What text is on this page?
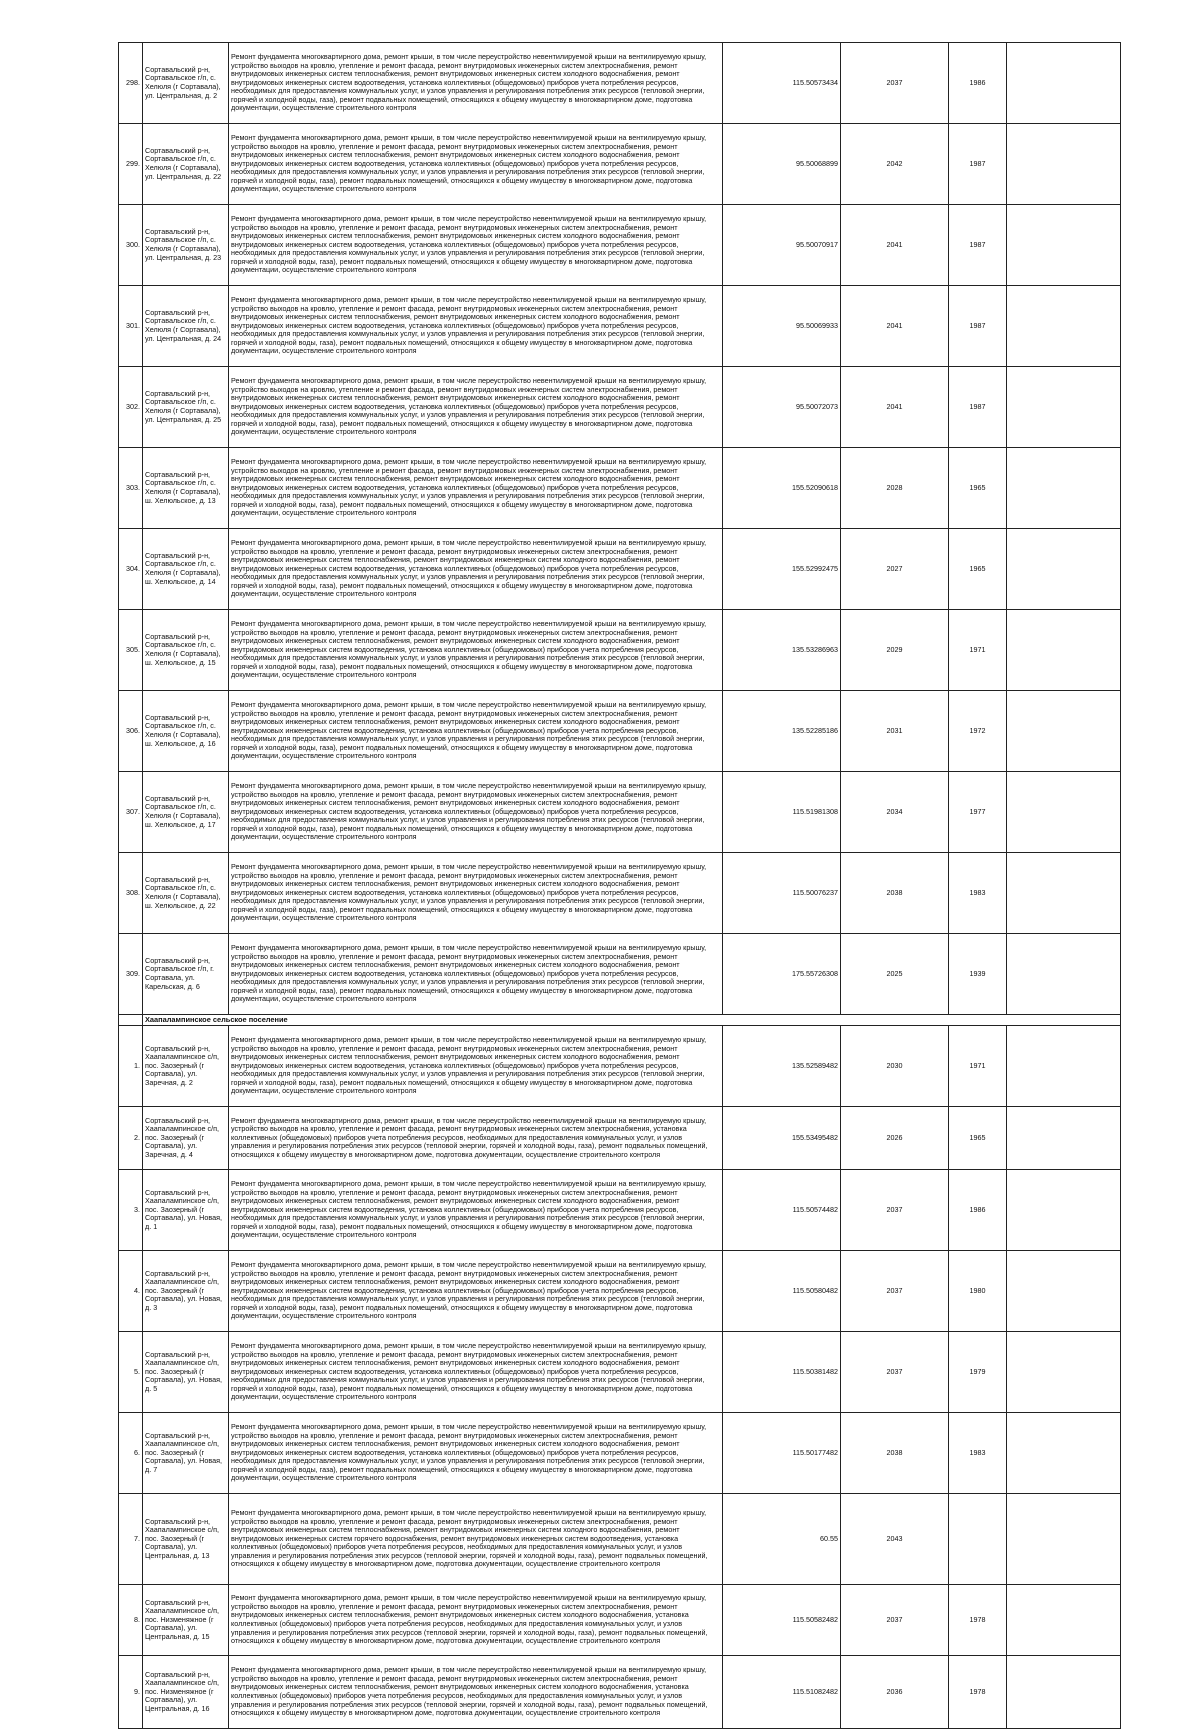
298.	Сортавальский р-н, Сортавальское г/п, с. Хелюля (г Сортавала), ул. Центральная, д. 2	Ремонт фундамента многоквартирного дома, ремонт крыши, в том числе переустройство невентилируемой крыши на вентилируемую крышу, устройство выходов на кровлю, утепление и ремонт фасада, ремонт внутридомовых инженерных систем электроснабжения, ремонт внутридомовых инженерных систем теплоснабжения, ремонт внутридомовых инженерных систем холодного водоснабжения, ремонт внутридомовых инженерных систем водоотведения, установка коллективных (общедомовых) приборов учета потребления ресурсов, необходимых для предоставления коммунальных услуг, и узлов управления и регулирования потребления этих ресурсов (тепловой энергии, горячей и холодной воды, газа), ремонт подвальных помещений, относящихся к общему имуществу в многоквартирном доме, подготовка документации, осуществление строительного контроля	115.50573434	2037	1986	
299.	Сортавальский р-н, Сортавальское г/п, с. Хелюля (г Сортавала), ул. Центральная, д. 22	Ремонт фундамента многоквартирного дома, ремонт крыши, в том числе переустройство невентилируемой крыши на вентилируемую крышу, устройство выходов на кровлю, утепление и ремонт фасада, ремонт внутридомовых инженерных систем электроснабжения, ремонт внутридомовых инженерных систем теплоснабжения, ремонт внутридомовых инженерных систем холодного водоснабжения, ремонт внутридомовых инженерных систем водоотведения, установка коллективных (общедомовых) приборов учета потребления ресурсов, необходимых для предоставления коммунальных услуг, и узлов управления и регулирования потребления этих ресурсов (тепловой энергии, горячей и холодной воды, газа), ремонт подвальных помещений, относящихся к общему имуществу в многоквартирном доме, подготовка документации, осуществление строительного контроля	95.50068899	2042	1987	
300.	Сортавальский р-н, Сортавальское г/п, с. Хелюля (г Сортавала), ул. Центральная, д. 23	Ремонт фундамента многоквартирного дома, ремонт крыши, в том числе переустройство невентилируемой крыши на вентилируемую крышу, устройство выходов на кровлю, утепление и ремонт фасада, ремонт внутридомовых инженерных систем электроснабжения, ремонт внутридомовых инженерных систем теплоснабжения, ремонт внутридомовых инженерных систем холодного водоснабжения, ремонт внутридомовых инженерных систем водоотведения, установка коллективных (общедомовых) приборов учета потребления ресурсов, необходимых для предоставления коммунальных услуг, и узлов управления и регулирования потребления этих ресурсов (тепловой энергии, горячей и холодной воды, газа), ремонт подвальных помещений, относящихся к общему имуществу в многоквартирном доме, подготовка документации, осуществление строительного контроля	95.50070917	2041	1987	
301.	Сортавальский р-н, Сортавальское г/п, с. Хелюля (г Сортавала), ул. Центральная, д. 24	Ремонт фундамента многоквартирного дома, ремонт крыши, в том числе переустройство невентилируемой крыши на вентилируемую крышу, устройство выходов на кровлю, утепление и ремонт фасада, ремонт внутридомовых инженерных систем электроснабжения, ремонт внутридомовых инженерных систем теплоснабжения, ремонт внутридомовых инженерных систем холодного водоснабжения, ремонт внутридомовых инженерных систем водоотведения, установка коллективных (общедомовых) приборов учета потребления ресурсов, необходимых для предоставления коммунальных услуг, и узлов управления и регулирования потребления этих ресурсов (тепловой энергии, горячей и холодной воды, газа), ремонт подвальных помещений, относящихся к общему имуществу в многоквартирном доме, подготовка документации, осуществление строительного контроля	95.50069933	2041	1987	
302.	Сортавальский р-н, Сортавальское г/п, с. Хелюля (г Сортавала), ул. Центральная, д. 25	Ремонт фундамента многоквартирного дома, ремонт крыши, в том числе переустройство невентилируемой крыши на вентилируемую крышу, устройство выходов на кровлю, утепление и ремонт фасада, ремонт внутридомовых инженерных систем электроснабжения, ремонт внутридомовых инженерных систем теплоснабжения, ремонт внутридомовых инженерных систем холодного водоснабжения, ремонт внутридомовых инженерных систем водоотведения, установка коллективных (общедомовых) приборов учета потребления ресурсов, необходимых для предоставления коммунальных услуг, и узлов управления и регулирования потребления этих ресурсов (тепловой энергии, горячей и холодной воды, газа), ремонт подвальных помещений, относящихся к общему имуществу в многоквартирном доме, подготовка документации, осуществление строительного контроля	95.50072073	2041	1987	
303.	Сортавальский р-н, Сортавальское г/п, с. Хелюля (г Сортавала), ш. Хелюльское, д. 13	Ремонт фундамента многоквартирного дома, ремонт крыши, в том числе переустройство невентилируемой крыши на вентилируемую крышу, устройство выходов на кровлю, утепление и ремонт фасада, ремонт внутридомовых инженерных систем электроснабжения, ремонт внутридомовых инженерных систем теплоснабжения, ремонт внутридомовых инженерных систем холодного водоснабжения, ремонт внутридомовых инженерных систем водоотведения, установка коллективных (общедомовых) приборов учета потребления ресурсов, необходимых для предоставления коммунальных услуг, и узлов управления и регулирования потребления этих ресурсов (тепловой энергии, горячей и холодной воды, газа), ремонт подвальных помещений, относящихся к общему имуществу в многоквартирном доме, подготовка документации, осуществление строительного контроля	155.52090618	2028	1965	
304.	Сортавальский р-н, Сортавальское г/п, с. Хелюля (г Сортавала), ш. Хелюльское, д. 14	Ремонт фундамента многоквартирного дома, ремонт крыши, в том числе переустройство невентилируемой крыши на вентилируемую крышу, устройство выходов на кровлю, утепление и ремонт фасада, ремонт внутридомовых инженерных систем электроснабжения, ремонт внутридомовых инженерных систем теплоснабжения, ремонт внутридомовых инженерных систем холодного водоснабжения, ремонт внутридомовых инженерных систем водоотведения, установка коллективных (общедомовых) приборов учета потребления ресурсов, необходимых для предоставления коммунальных услуг, и узлов управления и регулирования потребления этих ресурсов (тепловой энергии, горячей и холодной воды, газа), ремонт подвальных помещений, относящихся к общему имуществу в многоквартирном доме, подготовка документации, осуществление строительного контроля	155.52992475	2027	1965	
305.	Сортавальский р-н, Сортавальское г/п, с. Хелюля (г Сортавала), ш. Хелюльское, д. 15	Ремонт фундамента многоквартирного дома, ремонт крыши, в том числе переустройство невентилируемой крыши на вентилируемую крышу, устройство выходов на кровлю, утепление и ремонт фасада, ремонт внутридомовых инженерных систем электроснабжения, ремонт внутридомовых инженерных систем теплоснабжения, ремонт внутридомовых инженерных систем холодного водоснабжения, ремонт внутридомовых инженерных систем водоотведения, установка коллективных (общедомовых) приборов учета потребления ресурсов, необходимых для предоставления коммунальных услуг, и узлов управления и регулирования потребления этих ресурсов (тепловой энергии, горячей и холодной воды, газа), ремонт подвальных помещений, относящихся к общему имуществу в многоквартирном доме, подготовка документации, осуществление строительного контроля	135.53286963	2029	1971	
306.	Сортавальский р-н, Сортавальское г/п, с. Хелюля (г Сортавала), ш. Хелюльское, д. 16	Ремонт фундамента многоквартирного дома, ремонт крыши, в том числе переустройство невентилируемой крыши на вентилируемую крышу, устройство выходов на кровлю, утепление и ремонт фасада, ремонт внутридомовых инженерных систем электроснабжения, ремонт внутридомовых инженерных систем теплоснабжения, ремонт внутридомовых инженерных систем холодного водоснабжения, ремонт внутридомовых инженерных систем водоотведения, установка коллективных (общедомовых) приборов учета потребления ресурсов, необходимых для предоставления коммунальных услуг, и узлов управления и регулирования потребления этих ресурсов (тепловой энергии, горячей и холодной воды, газа), ремонт подвальных помещений, относящихся к общему имуществу в многоквартирном доме, подготовка документации, осуществление строительного контроля	135.52285186	2031	1972	
307.	Сортавальский р-н, Сортавальское г/п, с. Хелюля (г Сортавала), ш. Хелюльское, д. 17	Ремонт фундамента многоквартирного дома, ремонт крыши, в том числе переустройство невентилируемой крыши на вентилируемую крышу, устройство выходов на кровлю, утепление и ремонт фасада, ремонт внутридомовых инженерных систем электроснабжения, ремонт внутридомовых инженерных систем теплоснабжения, ремонт внутридомовых инженерных систем холодного водоснабжения, ремонт внутридомовых инженерных систем водоотведения, установка коллективных (общедомовых) приборов учета потребления ресурсов, необходимых для предоставления коммунальных услуг, и узлов управления и регулирования потребления этих ресурсов (тепловой энергии, горячей и холодной воды, газа), ремонт подвальных помещений, относящихся к общему имуществу в многоквартирном доме, подготовка документации, осуществление строительного контроля	115.51981308	2034	1977	
308.	Сортавальский р-н, Сортавальское г/п, с. Хелюля (г Сортавала), ш. Хелюльское, д. 22	Ремонт фундамента многоквартирного дома, ремонт крыши, в том числе переустройство невентилируемой крыши на вентилируемую крышу, устройство выходов на кровлю, утепление и ремонт фасада, ремонт внутридомовых инженерных систем электроснабжения, ремонт внутридомовых инженерных систем теплоснабжения, ремонт внутридомовых инженерных систем холодного водоснабжения, ремонт внутридомовых инженерных систем водоотведения, установка коллективных (общедомовых) приборов учета потребления ресурсов, необходимых для предоставления коммунальных услуг, и узлов управления и регулирования потребления этих ресурсов (тепловой энергии, горячей и холодной воды, газа), ремонт подвальных помещений, относящихся к общему имуществу в многоквартирном доме, подготовка документации, осуществление строительного контроля	115.50076237	2038	1983	
309.	Сортавальский р-н, Сортавальское г/п, г. Сортавала, ул. Карельская, д. 6	Ремонт фундамента многоквартирного дома, ремонт крыши, в том числе переустройство невентилируемой крыши на вентилируемую крышу, устройство выходов на кровлю, утепление и ремонт фасада, ремонт внутридомовых инженерных систем электроснабжения, ремонт внутридомовых инженерных систем теплоснабжения, ремонт внутридомовых инженерных систем холодного водоснабжения, ремонт внутридомовых инженерных систем водоотведения, установка коллективных (общедомовых) приборов учета потребления ресурсов, необходимых для предоставления коммунальных услуг, и узлов управления и регулирования потребления этих ресурсов (тепловой энергии, горячей и холодной воды, газа), ремонт подвальных помещений, относящихся к общему имуществу в многоквартирном доме, подготовка документации, осуществление строительного контроля	175.55726308	2025	1939	
	Хаапалампинское сельское поселение					
1.	Сортавальский р-н, Хаапалампинское с/п, пос. Заозерный (г Сортавала), ул. Заречная, д. 2	Ремонт фундамента многоквартирного дома, ремонт крыши, в том числе переустройство невентилируемой крыши на вентилируемую крышу, устройство выходов на кровлю, утепление и ремонт фасада, ремонт внутридомовых инженерных систем электроснабжения, ремонт внутридомовых инженерных систем теплоснабжения, ремонт внутридомовых инженерных систем холодного водоснабжения, ремонт внутридомовых инженерных систем водоотведения, установка коллективных (общедомовых) приборов учета потребления ресурсов, необходимых для предоставления коммунальных услуг, и узлов управления и регулирования потребления этих ресурсов (тепловой энергии, горячей и холодной воды, газа), ремонт подвальных помещений, относящихся к общему имуществу в многоквартирном доме, подготовка документации, осуществление строительного контроля	135.52589482	2030	1971	
2.	Сортавальский р-н, Хаапалампинское с/п, пос. Заозерный (г Сортавала), ул. Заречная, д. 4	Ремонт фундамента многоквартирного дома, ремонт крыши, в том числе переустройство невентилируемой крыши на вентилируемую крышу, устройство выходов на кровлю, утепление и ремонт фасада, ремонт внутридомовых инженерных систем электроснабжения, установка коллективных (общедомовых) приборов учета потребления ресурсов, необходимых для предоставления коммунальных услуг, и узлов управления и регулирования потребления этих ресурсов (тепловой энергии, горячей и холодной воды, газа), ремонт подвальных помещений, относящихся к общему имуществу в многоквартирном доме, подготовка документации, осуществление строительного контроля	155.53495482	2026	1965	
3.	Сортавальский р-н, Хаапалампинское с/п, пос. Заозерный (г Сортавала), ул. Новая, д. 1	Ремонт фундамента многоквартирного дома, ремонт крыши, в том числе переустройство невентилируемой крыши на вентилируемую крышу, устройство выходов на кровлю, утепление и ремонт фасада, ремонт внутридомовых инженерных систем электроснабжения, ремонт внутридомовых инженерных систем теплоснабжения, ремонт внутридомовых инженерных систем холодного водоснабжения, ремонт внутридомовых инженерных систем водоотведения, установка коллективных (общедомовых) приборов учета потребления ресурсов, необходимых для предоставления коммунальных услуг, и узлов управления и регулирования потребления этих ресурсов (тепловой энергии, горячей и холодной воды, газа), ремонт подвальных помещений, относящихся к общему имуществу в многоквартирном доме, подготовка документации, осуществление строительного контроля	115.50574482	2037	1986	
4.	Сортавальский р-н, Хаапалампинское с/п, пос. Заозерный (г Сортавала), ул. Новая, д. 3	Ремонт фундамента многоквартирного дома, ремонт крыши, в том числе переустройство невентилируемой крыши на вентилируемую крышу, устройство выходов на кровлю, утепление и ремонт фасада, ремонт внутридомовых инженерных систем электроснабжения, ремонт внутридомовых инженерных систем теплоснабжения, ремонт внутридомовых инженерных систем холодного водоснабжения, ремонт внутридомовых инженерных систем водоотведения, установка коллективных (общедомовых) приборов учета потребления ресурсов, необходимых для предоставления коммунальных услуг, и узлов управления и регулирования потребления этих ресурсов (тепловой энергии, горячей и холодной воды, газа), ремонт подвальных помещений, относящихся к общему имуществу в многоквартирном доме, подготовка документации, осуществление строительного контроля	115.50580482	2037	1980	
5.	Сортавальский р-н, Хаапалампинское с/п, пос. Заозерный (г Сортавала), ул. Новая, д. 5	Ремонт фундамента многоквартирного дома, ремонт крыши, в том числе переустройство невентилируемой крыши на вентилируемую крышу, устройство выходов на кровлю, утепление и ремонт фасада, ремонт внутридомовых инженерных систем электроснабжения, ремонт внутридомовых инженерных систем теплоснабжения, ремонт внутридомовых инженерных систем холодного водоснабжения, ремонт внутридомовых инженерных систем водоотведения, установка коллективных (общедомовых) приборов учета потребления ресурсов, необходимых для предоставления коммунальных услуг, и узлов управления и регулирования потребления этих ресурсов (тепловой энергии, горячей и холодной воды, газа), ремонт подвальных помещений, относящихся к общему имуществу в многоквартирном доме, подготовка документации, осуществление строительного контроля	115.50381482	2037	1979	
6.	Сортавальский р-н, Хаапалампинское с/п, пос. Заозерный (г Сортавала), ул. Новая, д. 7	Ремонт фундамента многоквартирного дома, ремонт крыши, в том числе переустройство невентилируемой крыши на вентилируемую крышу, устройство выходов на кровлю, утепление и ремонт фасада, ремонт внутридомовых инженерных систем электроснабжения, ремонт внутридомовых инженерных систем теплоснабжения, ремонт внутридомовых инженерных систем холодного водоснабжения, ремонт внутридомовых инженерных систем водоотведения, установка коллективных (общедомовых) приборов учета потребления ресурсов, необходимых для предоставления коммунальных услуг, и узлов управления и регулирования потребления этих ресурсов (тепловой энергии, горячей и холодной воды, газа), ремонт подвальных помещений, относящихся к общему имуществу в многоквартирном доме, подготовка документации, осуществление строительного контроля	115.50177482	2038	1983	
7.	Сортавальский р-н, Хаапалампинское с/п, пос. Заозерный (г Сортавала), ул. Центральная, д. 13	Ремонт фундамента многоквартирного дома, ремонт крыши, в том числе переустройство невентилируемой крыши на вентилируемую крышу, устройство выходов на кровлю, утепление и ремонт фасада, ремонт внутридомовых инженерных систем электроснабжения, ремонт внутридомовых инженерных систем теплоснабжения, ремонт внутридомовых инженерных систем холодного водоснабжения, ремонт внутридомовых инженерных систем горячего водоснабжения, ремонт внутридомовых инженерных систем водоотведения, установка коллективных (общедомовых) приборов учета потребления ресурсов, необходимых для предоставления коммунальных услуг, и узлов управления и регулирования потребления этих ресурсов (тепловой энергии, горячей и холодной воды, газа), ремонт подвальных помещений, относящихся к общему имуществу в многоквартирном доме, подготовка документации, осуществление строительного контроля	60.55	2043		
8.	Сортавальский р-н, Хаапалампинское с/п, пос. Низменяжное (г Сортавала), ул. Центральная, д. 15	Ремонт фундамента многоквартирного дома, ремонт крыши, в том числе переустройство невентилируемой крыши на вентилируемую крышу, устройство выходов на кровлю, утепление и ремонт фасада, ремонт внутридомовых инженерных систем электроснабжения, ремонт внутридомовых инженерных систем теплоснабжения, ремонт внутридомовых инженерных систем холодного водоснабжения, установка коллективных (общедомовых) приборов учета потребления ресурсов, необходимых для предоставления коммунальных услуг, и узлов управления и регулирования потребления этих ресурсов (тепловой энергии, горячей и холодной воды, газа), ремонт подвальных помещений, относящихся к общему имуществу в многоквартирном доме, подготовка документации, осуществление строительного контроля	115.50582482	2037	1978	
9.	Сортавальский р-н, Хаапалампинское с/п, пос. Низменяжное (г Сортавала), ул. Центральная, д. 16	Ремонт фундамента многоквартирного дома, ремонт крыши, в том числе переустройство невентилируемой крыши на вентилируемую крышу, устройство выходов на кровлю, утепление и ремонт фасада, ремонт внутридомовых инженерных систем электроснабжения, ремонт внутридомовых инженерных систем теплоснабжения, ремонт внутридомовых инженерных систем холодного водоснабжения, установка коллективных (общедомовых) приборов учета потребления ресурсов, необходимых для предоставления коммунальных услуг, и узлов управления и регулирования потребления этих ресурсов (тепловой энергии, горячей и холодной воды, газа), ремонт подвальных помещений, относящихся к общему имуществу в многоквартирном доме, подготовка документации, осуществление строительного контроля	115.51082482	2036	1978	
